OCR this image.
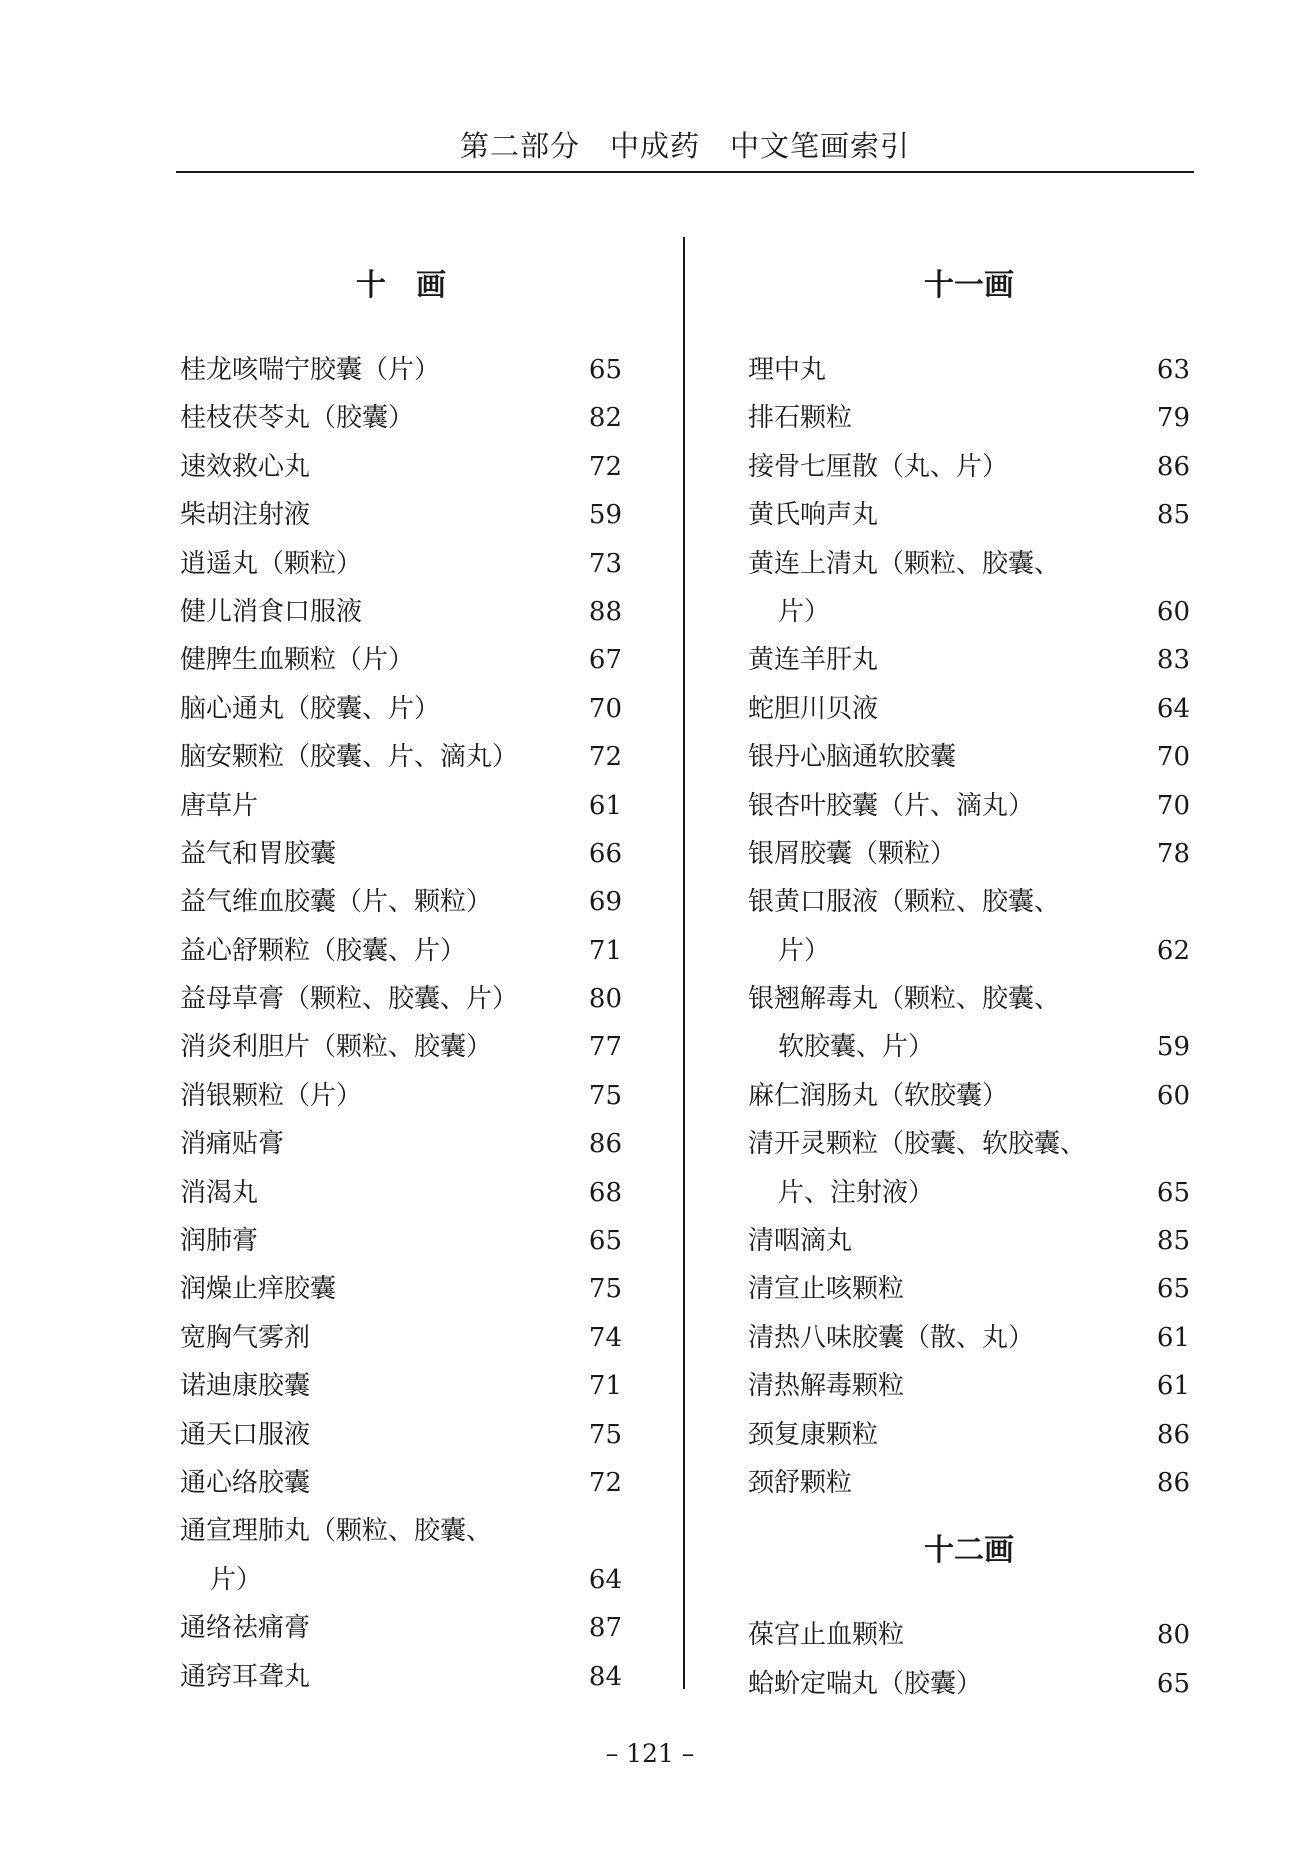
第二部分　中成药　中文笔画索引
十　画
桂龙咳喘宁胶囊（片）	65
桂枝茯苓丸（胶囊）	82
速效救心丸	72
柴胡注射液	59
逍遥丸（颗粒）	73
健儿消食口服液	88
健脾生血颗粒（片）	67
脑心通丸（胶囊、片）	70
脑安颗粒（胶囊、片、滴丸）	72
唐草片	61
益气和胃胶囊	66
益气维血胶囊（片、颗粒）	69
益心舒颗粒（胶囊、片）	71
益母草膏（颗粒、胶囊、片）	80
消炎利胆片（颗粒、胶囊）	77
消银颗粒（片）	75
消痛贴膏	86
消渴丸	68
润肺膏	65
润燥止痒胶囊	75
宽胸气雾剂	74
诺迪康胶囊	71
通天口服液	75
通心络胶囊	72
通宣理肺丸（颗粒、胶囊、
片）	64
通络祛痛膏	87
通窍耳聋丸	84
十一画
理中丸	63
排石颗粒	79
接骨七厘散（丸、片）	86
黄氏响声丸	85
黄连上清丸（颗粒、胶囊、
片）	60
黄连羊肝丸	83
蛇胆川贝液	64
银丹心脑通软胶囊	70
银杏叶胶囊（片、滴丸）	70
银屑胶囊（颗粒）	78
银黄口服液（颗粒、胶囊、
片）	62
银翘解毒丸（颗粒、胶囊、
软胶囊、片）	59
麻仁润肠丸（软胶囊）	60
清开灵颗粒（胶囊、软胶囊、
片、注射液）	65
清咽滴丸	85
清宣止咳颗粒	65
清热八味胶囊（散、丸）	61
清热解毒颗粒	61
颈复康颗粒	86
颈舒颗粒	86
十二画
葆宫止血颗粒	80
蛤蚧定喘丸（胶囊）	65
– 121 –
